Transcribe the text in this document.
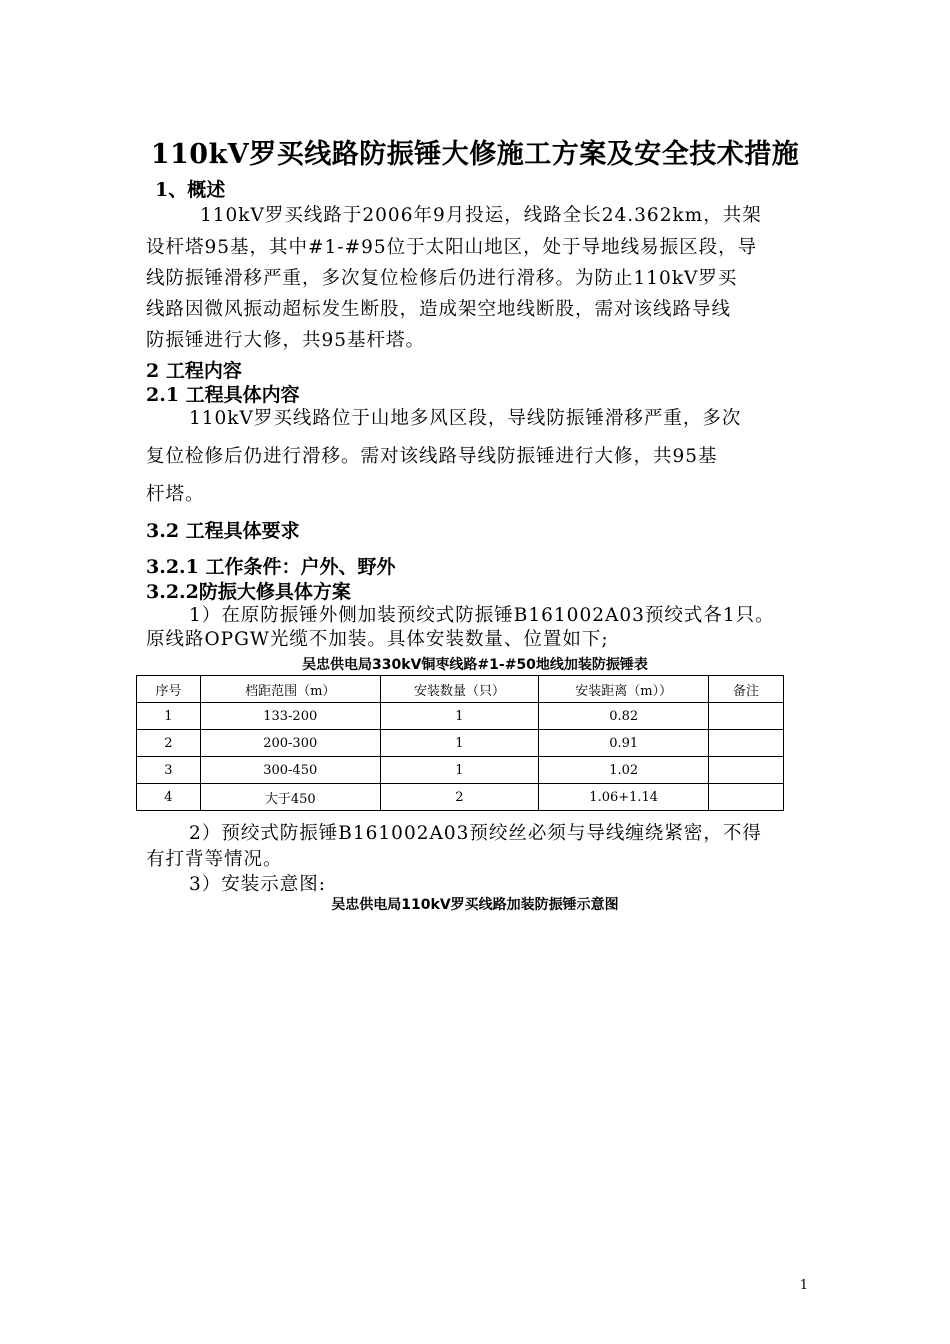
110kV罗买线路防振锤大修施工方案及安全技术措施
1、概述
110kV罗买线路于2006年9月投运，线路全长24.362km，共架
设杆塔95基，其中#1-#95位于太阳山地区，处于导地线易振区段，导
线防振锤滑移严重，多次复位检修后仍进行滑移。为防止110kV罗买
线路因微风振动超标发生断股，造成架空地线断股，需对该线路导线
防振锤进行大修，共95基杆塔。
2 工程内容
2.1 工程具体内容
110kV罗买线路位于山地多风区段，导线防振锤滑移严重，多次
复位检修后仍进行滑移。需对该线路导线防振锤进行大修，共95基
杆塔。
3.2 工程具体要求
3.2.1 工作条件：户外、野外
3.2.2防振大修具体方案
1）在原防振锤外侧加装预绞式防振锤B161002A03预绞式各1只。
原线路OPGW光缆不加装。具体安装数量、位置如下;
吴忠供电局330kV铜枣线路#1-#50地线加装防振锤表
序号	档距范围（m）	安装数量（只）	安装距离（m））	备注
1	133-200	1	0.82	
2	200-300	1	0.91	
3	300-450	1	1.02	
4	大于450	2	1.06+1.14	
2）预绞式防振锤B161002A03预绞丝必须与导线缠绕紧密，不得
有打背等情况。
3）安装示意图:
吴忠供电局110kV罗买线路加装防振锤示意图
1
